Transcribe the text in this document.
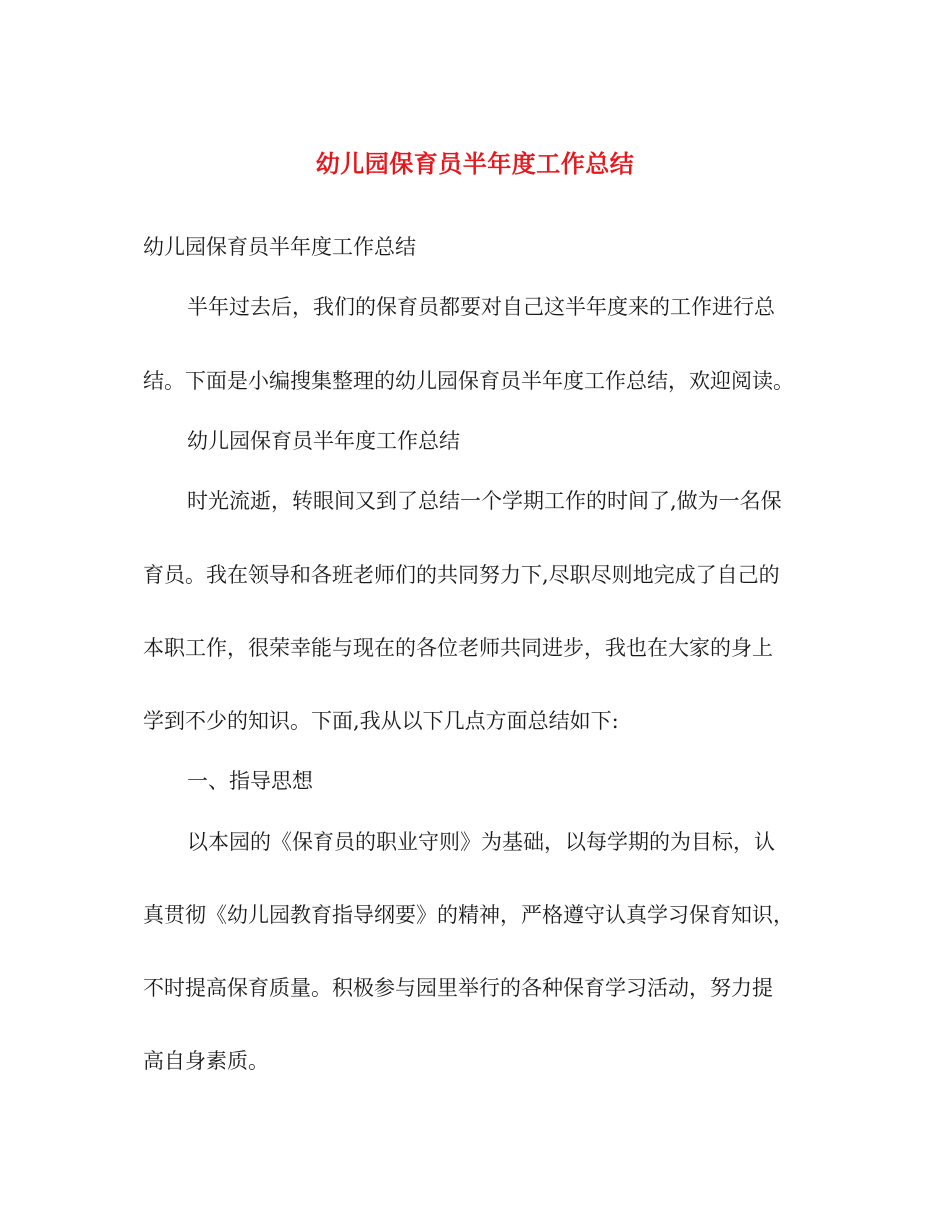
幼儿园保育员半年度工作总结
幼儿园保育员半年度工作总结
半年过去后，我们的保育员都要对自己这半年度来的工作进行总
结。下面是小编搜集整理的幼儿园保育员半年度工作总结，欢迎阅读。
幼儿园保育员半年度工作总结
时光流逝，转眼间又到了总结一个学期工作的时间了,做为一名保
育员。我在领导和各班老师们的共同努力下,尽职尽则地完成了自己的
本职工作，很荣幸能与现在的各位老师共同进步，我也在大家的身上
学到不少的知识。下面,我从以下几点方面总结如下:
一、指导思想
以本园的《保育员的职业守则》为基础，以每学期的为目标，认
真贯彻《幼儿园教育指导纲要》的精神，严格遵守认真学习保育知识，
不时提高保育质量。积极参与园里举行的各种保育学习活动，努力提
高自身素质。
